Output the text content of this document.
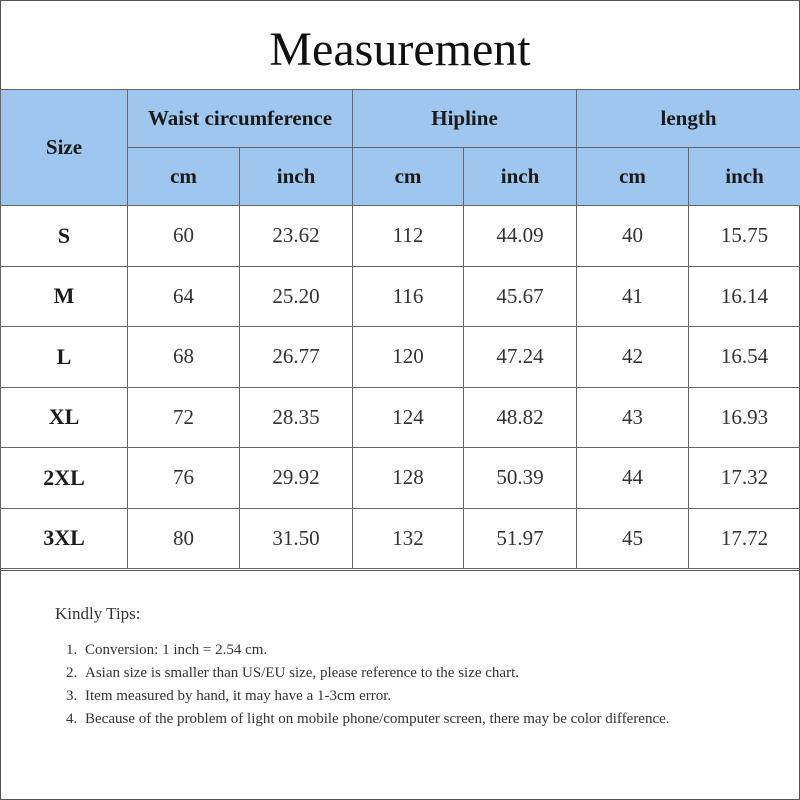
Measurement
Size	Waist circumference		Hipline		length	
	cm	inch	cm	inch	cm	inch
S	60	23.62	112	44.09	40	15.75
M	64	25.20	116	45.67	41	16.14
L	68	26.77	120	47.24	42	16.54
XL	72	28.35	124	48.82	43	16.93
2XL	76	29.92	128	50.39	44	17.32
3XL	80	31.50	132	51.97	45	17.72
Kindly Tips:
1. Conversion: 1 inch = 2.54 cm.
2. Asian size is smaller than US/EU size, please reference to the size chart.
3. Item measured by hand, it may have a 1-3cm error.
4. Because of the problem of light on mobile phone/computer screen, there may be color difference.
